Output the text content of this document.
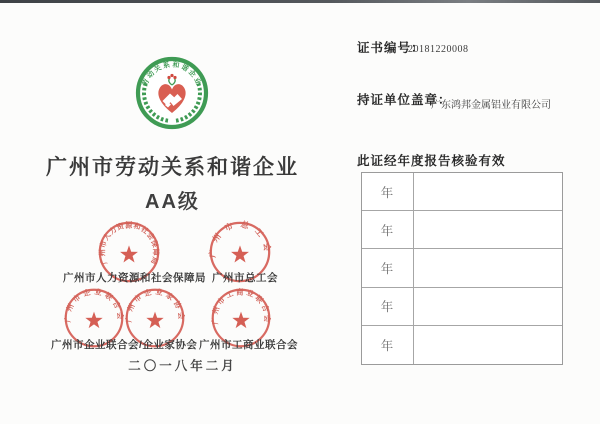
劳动关系和谐企业
广州市劳动关系和谐企业
AA级
广州市人力资源和社会保障局
广州市总工会
广州市人力资源和社会保障局 广州市总工会
广州市企业联合会 广州市企业家协会	广州市工商业联合会
广州市企业联合会/企业家协会 广州市工商业联合会
二〇一八年二月
证书编号：
20181220008
持证单位盖章：
广东鸿邦金属铝业有限公司
此证经年度报告核验有效
年
年
年
年
年
